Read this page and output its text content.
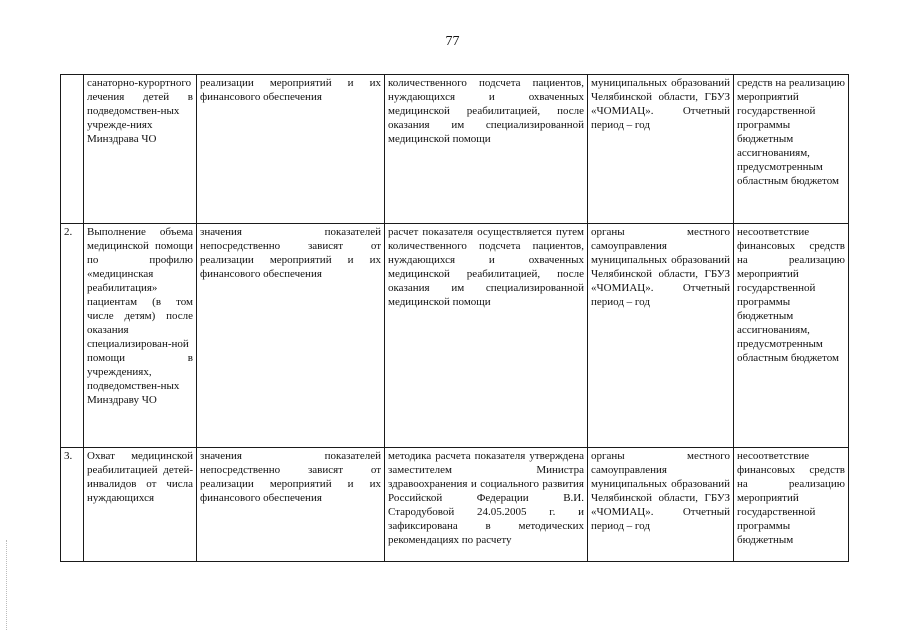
77
	санаторно-курортного лечения детей в подведомствен-ных учрежде-ниях Минздрава ЧО	реализации мероприятий и их финансового обеспечения	количественного подсчета пациентов, нуждающихся и охваченных медицинской реабилитацией, после оказания им специализированной медицинской помощи	муниципальных образований Челябинской области, ГБУЗ «ЧОМИАЦ». Отчетный период – год	средств на реализацию мероприятий государственной программы бюджетным ассигнованиям, предусмотренным областным бюджетом
2.	Выполнение объема медицинской помощи по профилю «медицинская реабилитация» пациентам (в том числе детям) после оказания специализирован-ной помощи в учреждениях, подведомствен-ных Минздраву ЧО	значения показателей непосредственно зависят от реализации мероприятий и их финансового обеспечения	расчет показателя осуществляется путем количественного подсчета пациентов, нуждающихся и охваченных медицинской реабилитацией, после оказания им специализированной медицинской помощи	органы местного самоуправления муниципальных образований Челябинской области, ГБУЗ «ЧОМИАЦ». Отчетный период – год	несоответствие финансовых средств на реализацию мероприятий государственной программы бюджетным ассигнованиям, предусмотренным областным бюджетом
3.	Охват медицинской реабилитацией детей-инвалидов от числа нуждающихся	значения показателей непосредственно зависят от реализации мероприятий и их финансового обеспечения	методика расчета показателя утверждена заместителем Министра здравоохранения и социального развития Российской Федерации В.И. Стародубовой 24.05.2005 г. и зафиксирована в методических рекомендациях по расчету	органы местного самоуправления муниципальных образований Челябинской области, ГБУЗ «ЧОМИАЦ». Отчетный период – год	несоответствие финансовых средств на реализацию мероприятий государственной программы бюджетным
